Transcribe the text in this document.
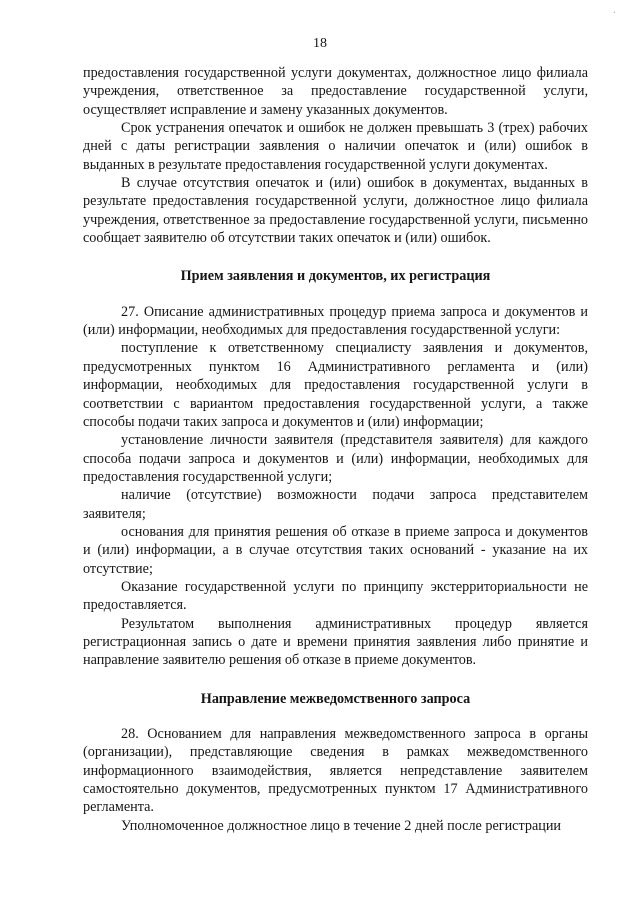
·
18

предоставления государственной услуги документах, должностное лицо филиала учреждения, ответственное за предоставление государственной услуги, осуществляет исправление и замену указанных документов.

Срок устранения опечаток и ошибок не должен превышать 3 (трех) рабочих дней с даты регистрации заявления о наличии опечаток и (или) ошибок в выданных в результате предоставления государственной услуги документах.

В случае отсутствия опечаток и (или) ошибок в документах, выданных в результате предоставления государственной услуги, должностное лицо филиала учреждения, ответственное за предоставление государственной услуги, письменно сообщает заявителю об отсутствии таких опечаток и (или) ошибок.

Прием заявления и документов, их регистрация

27. Описание административных процедур приема запроса и документов и (или) информации, необходимых для предоставления государственной услуги:

поступление к ответственному специалисту заявления и документов, предусмотренных пунктом 16 Административного регламента и (или) информации, необходимых для предоставления государственной услуги в соответствии с вариантом предоставления государственной услуги, а также способы подачи таких запроса и документов и (или) информации;

установление личности заявителя (представителя заявителя) для каждого способа подачи запроса и документов и (или) информации, необходимых для предоставления государственной услуги;

наличие (отсутствие) возможности подачи запроса представителем заявителя;

основания для принятия решения об отказе в приеме запроса и документов и (или) информации, а в случае отсутствия таких оснований - указание на их отсутствие;

Оказание государственной услуги по принципу экстерриториальности не предоставляется.

Результатом выполнения административных процедур является регистрационная запись о дате и времени принятия заявления либо принятие и направление заявителю решения об отказе в приеме документов.

Направление межведомственного запроса

28. Основанием для направления межведомственного запроса в органы (организации), представляющие сведения в рамках межведомственного информационного взаимодействия, является непредставление заявителем самостоятельно документов, предусмотренных пунктом 17 Административного регламента.

Уполномоченное должностное лицо в течение 2 дней после регистрации
